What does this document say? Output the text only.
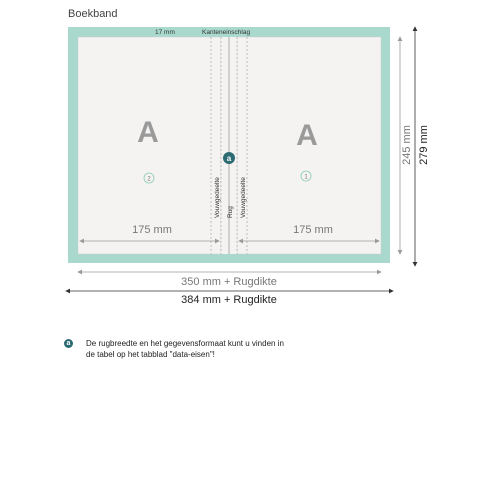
Boekband
17 mm	Kanteneinschlag
A	A
2	1
a
Vouwgedeelte Rug Vouwgedeelte
175 mm	175 mm
245 mm 279 mm
350 mm + Rugdikte
384 mm + Rugdikte
a	De rugbreedte en het gegevensformaat kunt u vinden in
de tabel op het tabblad "data-eisen"!
